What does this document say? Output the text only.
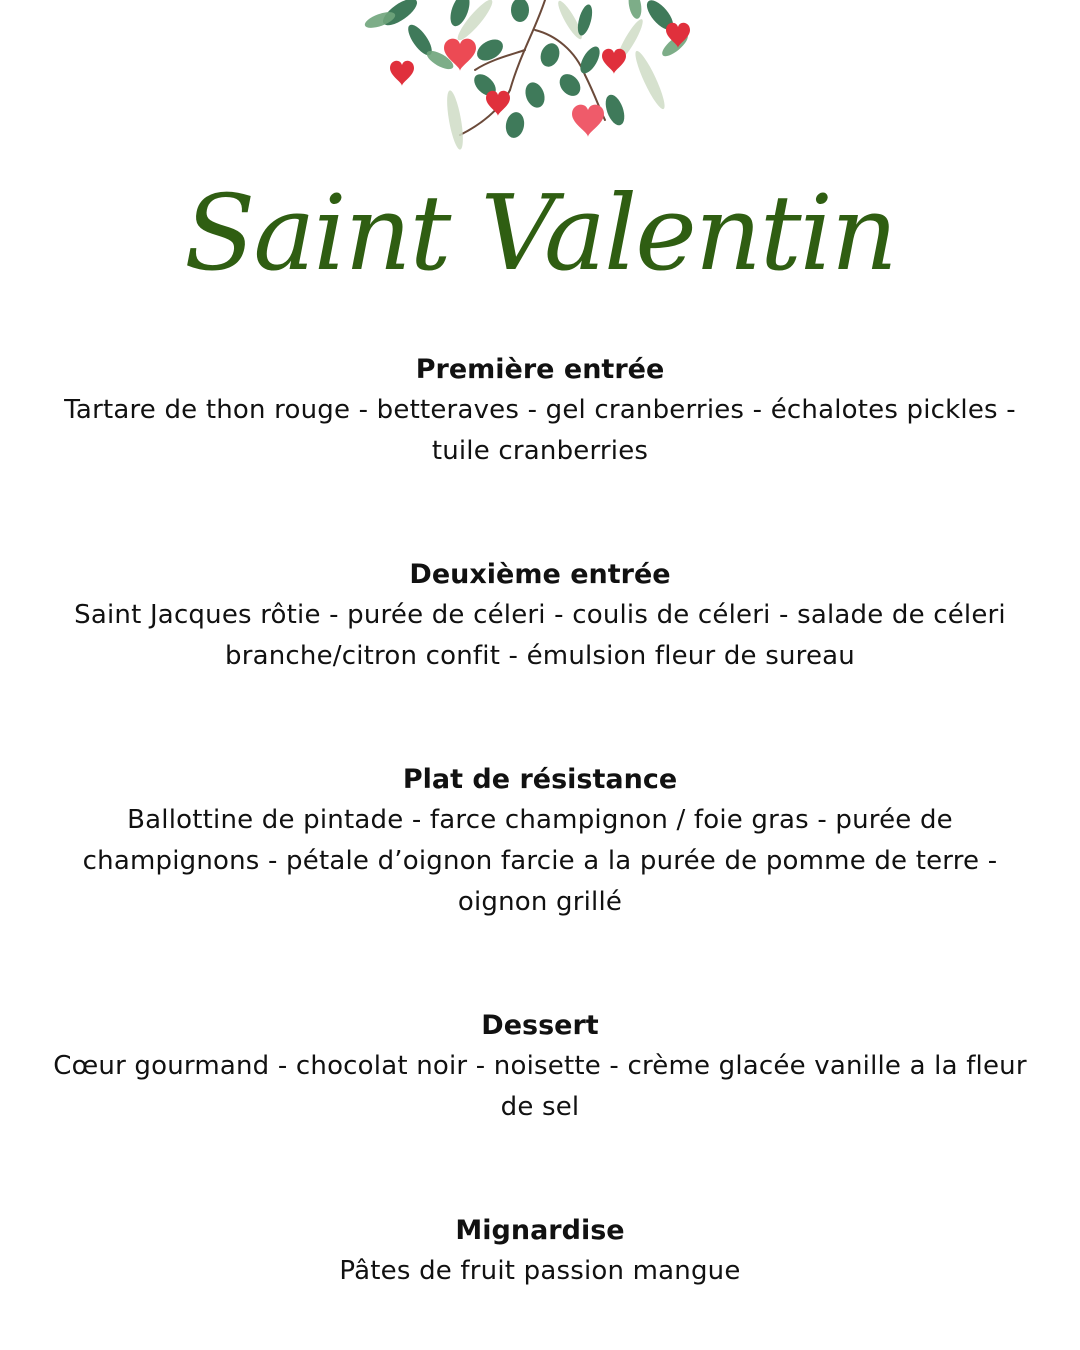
Saint Valentin
Première entrée
Tartare de thon rouge - betteraves - gel cranberries - échalotes pickles - tuile cranberries
Deuxième entrée
Saint Jacques rôtie - purée de céleri - coulis de céleri - salade de céleri branche/citron confit - émulsion fleur de sureau
Plat de résistance
Ballottine de pintade - farce champignon / foie gras - purée de champignons - pétale d’oignon farcie a la purée de pomme de terre - oignon grillé
Dessert
Cœur gourmand - chocolat noir - noisette - crème glacée vanille a la fleur de sel
Mignardise
Pâtes de fruit passion mangue
